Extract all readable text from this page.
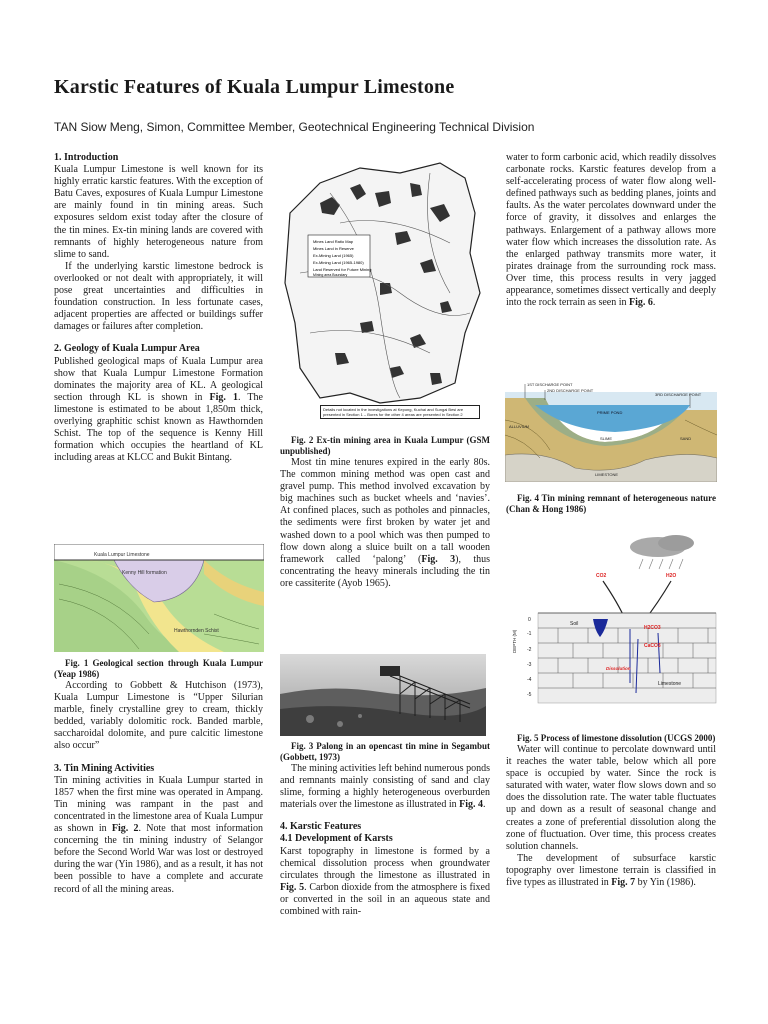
Karstic Features of Kuala Lumpur Limestone
TAN Siow Meng, Simon, Committee Member, Geotechnical Engineering Technical Division
1. Introduction

Kuala Lumpur Limestone is well known for its highly erratic karstic features. With the exception of Batu Caves, exposures of Kuala Lumpur Limestone are mainly found in tin mining areas. Such exposures seldom exist today after the closure of the tin mines. Ex-tin mining lands are covered with remnants of highly heterogeneous nature from slime to sand.

If the underlying karstic limestone bedrock is overlooked or not dealt with appropriately, it will pose great uncertainties and difficulties in foundation construction. In less fortunate cases, adjacent properties are affected or buildings suffer damages or failures after completion.

2. Geology of Kuala Lumpur Area

Published geological maps of Kuala Lumpur area show that Kuala Lumpur Limestone Formation dominates the majority area of KL. A geological section through KL is shown in Fig. 1. The limestone is estimated to be about 1,850m thick, overlying graphitic schist known as Hawthornden Schist. The top of the sequence is Kenny Hill formation which occupies the heartland of KL including areas at KLCC and Bukit Bintang.

Kenny Hill formation
Hawthornden Schist
Kuala Lumpur Limestone

Fig. 1 Geological section through Kuala Lumpur (Yeap 1986)

According to Gobbett & Hutchison (1973), Kuala Lumpur Limestone is “Upper Silurian marble, finely crystalline grey to cream, thickly bedded, variably dolomitic rock. Banded marble, saccharoidal dolomite, and pure calcitic limestone also occur”

3. Tin Mining Activities

Tin mining activities in Kuala Lumpur started in 1857 when the first mine was operated in Ampang. Tin mining was rampant in the past and concentrated in the limestone area of Kuala Lumpur as shown in Fig. 2. Note that most information concerning the tin mining industry of Selangor before the Second World War was lost or destroyed during the war (Yin 1986), and as a result, it has not been possible to have a complete and accurate record of all the mining areas.

Mines Land Ratio Map
Mines Land in Reserve
Ex-Mining Land (1965)
Ex-Mining Land (1965-1980)
Land Reserved for Future Mining
Mining area Boundary
Details not located in the investigations at Kepong, Kuchai and Sungai Besi are presented in Section 1 – Bores for the other 4 areas are presented in Section 2

Fig. 2 Ex-tin mining area in Kuala Lumpur (GSM unpublished)

Most tin mine tenures expired in the early 80s. The common mining method was open cast and gravel pump. This method involved excavation by big machines such as bucket wheels and ‘navies’. At confined places, such as potholes and pinnacles, the sediments were first broken by water jet and washed down to a pool which was then pumped to flow down along a sluice built on a tall wooden framework called ‘palong’ (Fig. 3), thus concentrating the heavy minerals including the tin ore cassiterite (Ayob 1965).

Fig. 3 Palong in an opencast tin mine in Segambut (Gobbett, 1973)

The mining activities left behind numerous ponds and remnants mainly consisting of sand and clay slime, forming a highly heterogeneous overburden materials over the limestone as illustrated in Fig. 4.

4. Karstic Features
4.1 Development of Karsts

Karst topography in limestone is formed by a chemical dissolution process when groundwater circulates through the limestone as illustrated in Fig. 5. Carbon dioxide from the atmosphere is fixed or converted in the soil in an aqueous state and combined with rain-

water to form carbonic acid, which readily dissolves carbonate rocks. Karstic features develop from a self-accelerating process of water flow along well-defined pathways such as bedding planes, joints and faults. As the water percolates downward under the force of gravity, it dissolves and enlarges the pathways. Enlargement of a pathway allows more water flow which increases the dissolution rate. As the enlarged pathway transmits more water, it pirates drainage from the surrounding rock mass. Over time, this process results in very jagged appearance, sometimes dissect vertically and deeply into the rock terrain as seen in Fig. 6.

1ST DISCHARGE POINT
2ND DISCHARGE POINT
3RD DISCHARGE POINT
PRIME POND
SAND
SLIME
ALLUVIUM
LIMESTONE

Fig. 4 Tin mining remnant of heterogeneous nature (Chan & Hong 1986)

CO2	H2O
H2CO3
CaCO3
Soil
Limestone
Dissolution
DEPTH (M)
0
-1
-2
-3
-4
-5

Fig. 5 Process of limestone dissolution (UCGS 2000)

Water will continue to percolate downward until it reaches the water table, below which all pore space is occupied by water. Since the rock is saturated with water, water flow slows down and so does the dissolution rate. The water table fluctuates up and down as a result of seasonal change and creates a zone of preferential dissolution along the zone of fluctuation. Over time, this process creates solution channels.

The development of subsurface karstic topography over limestone terrain is classified in five types as illustrated in Fig. 7 by Yin (1986).
